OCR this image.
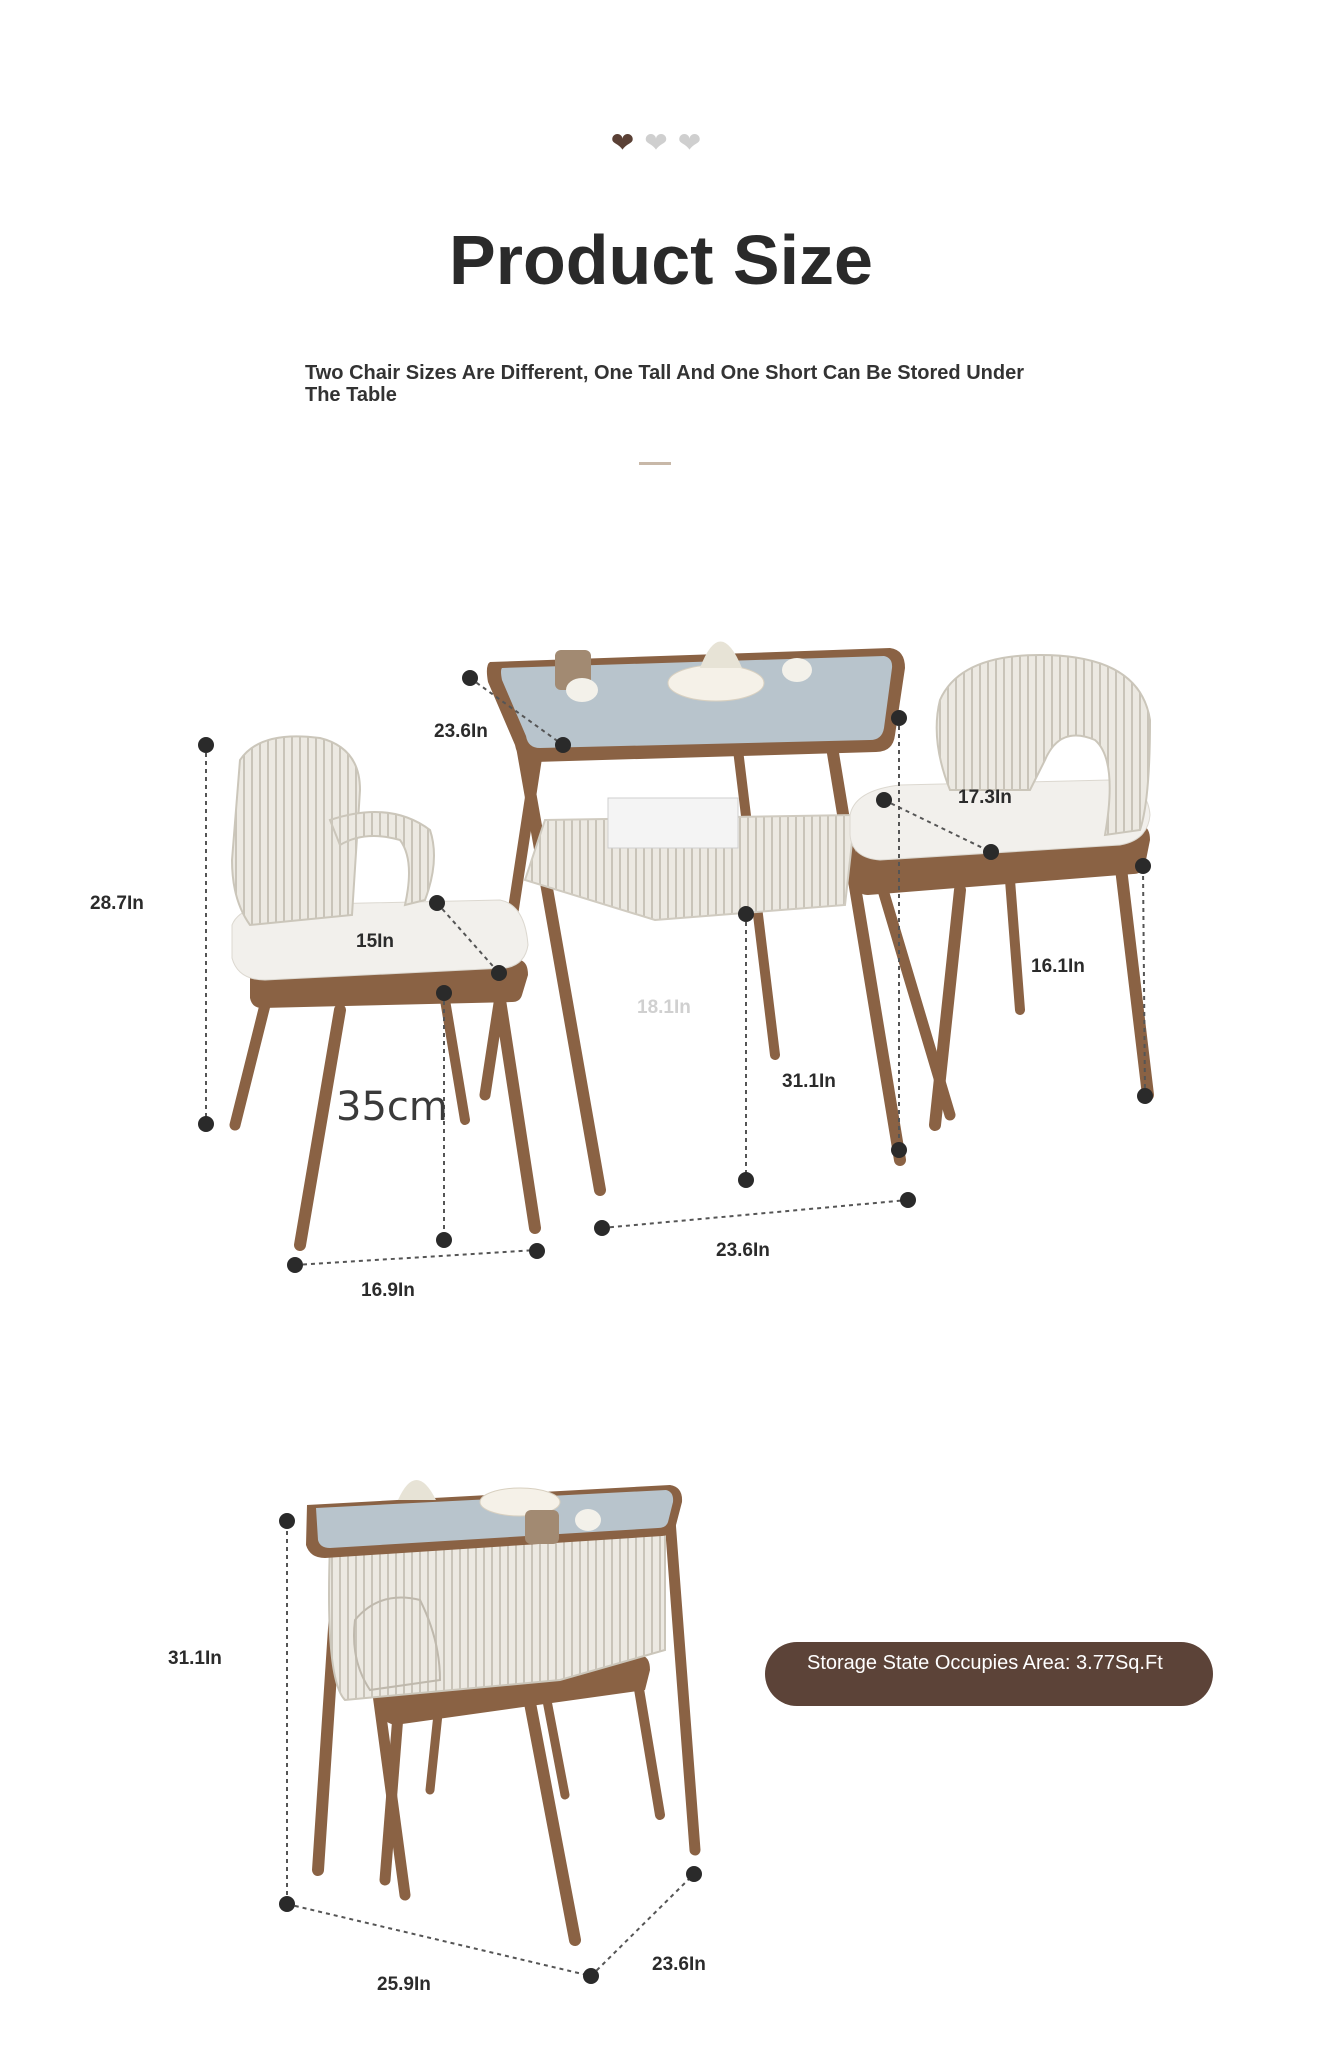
❤❤❤
Product Size
Two Chair Sizes Are Different, One Tall And One Short Can Be Stored Under The Table
23.6In
28.7In
15In
35cm
16.9In
18.1In
31.1In
23.6In
17.3In
16.1In
31.1In
25.9In
23.6In
Storage State Occupies Area: 3.77Sq.Ft
